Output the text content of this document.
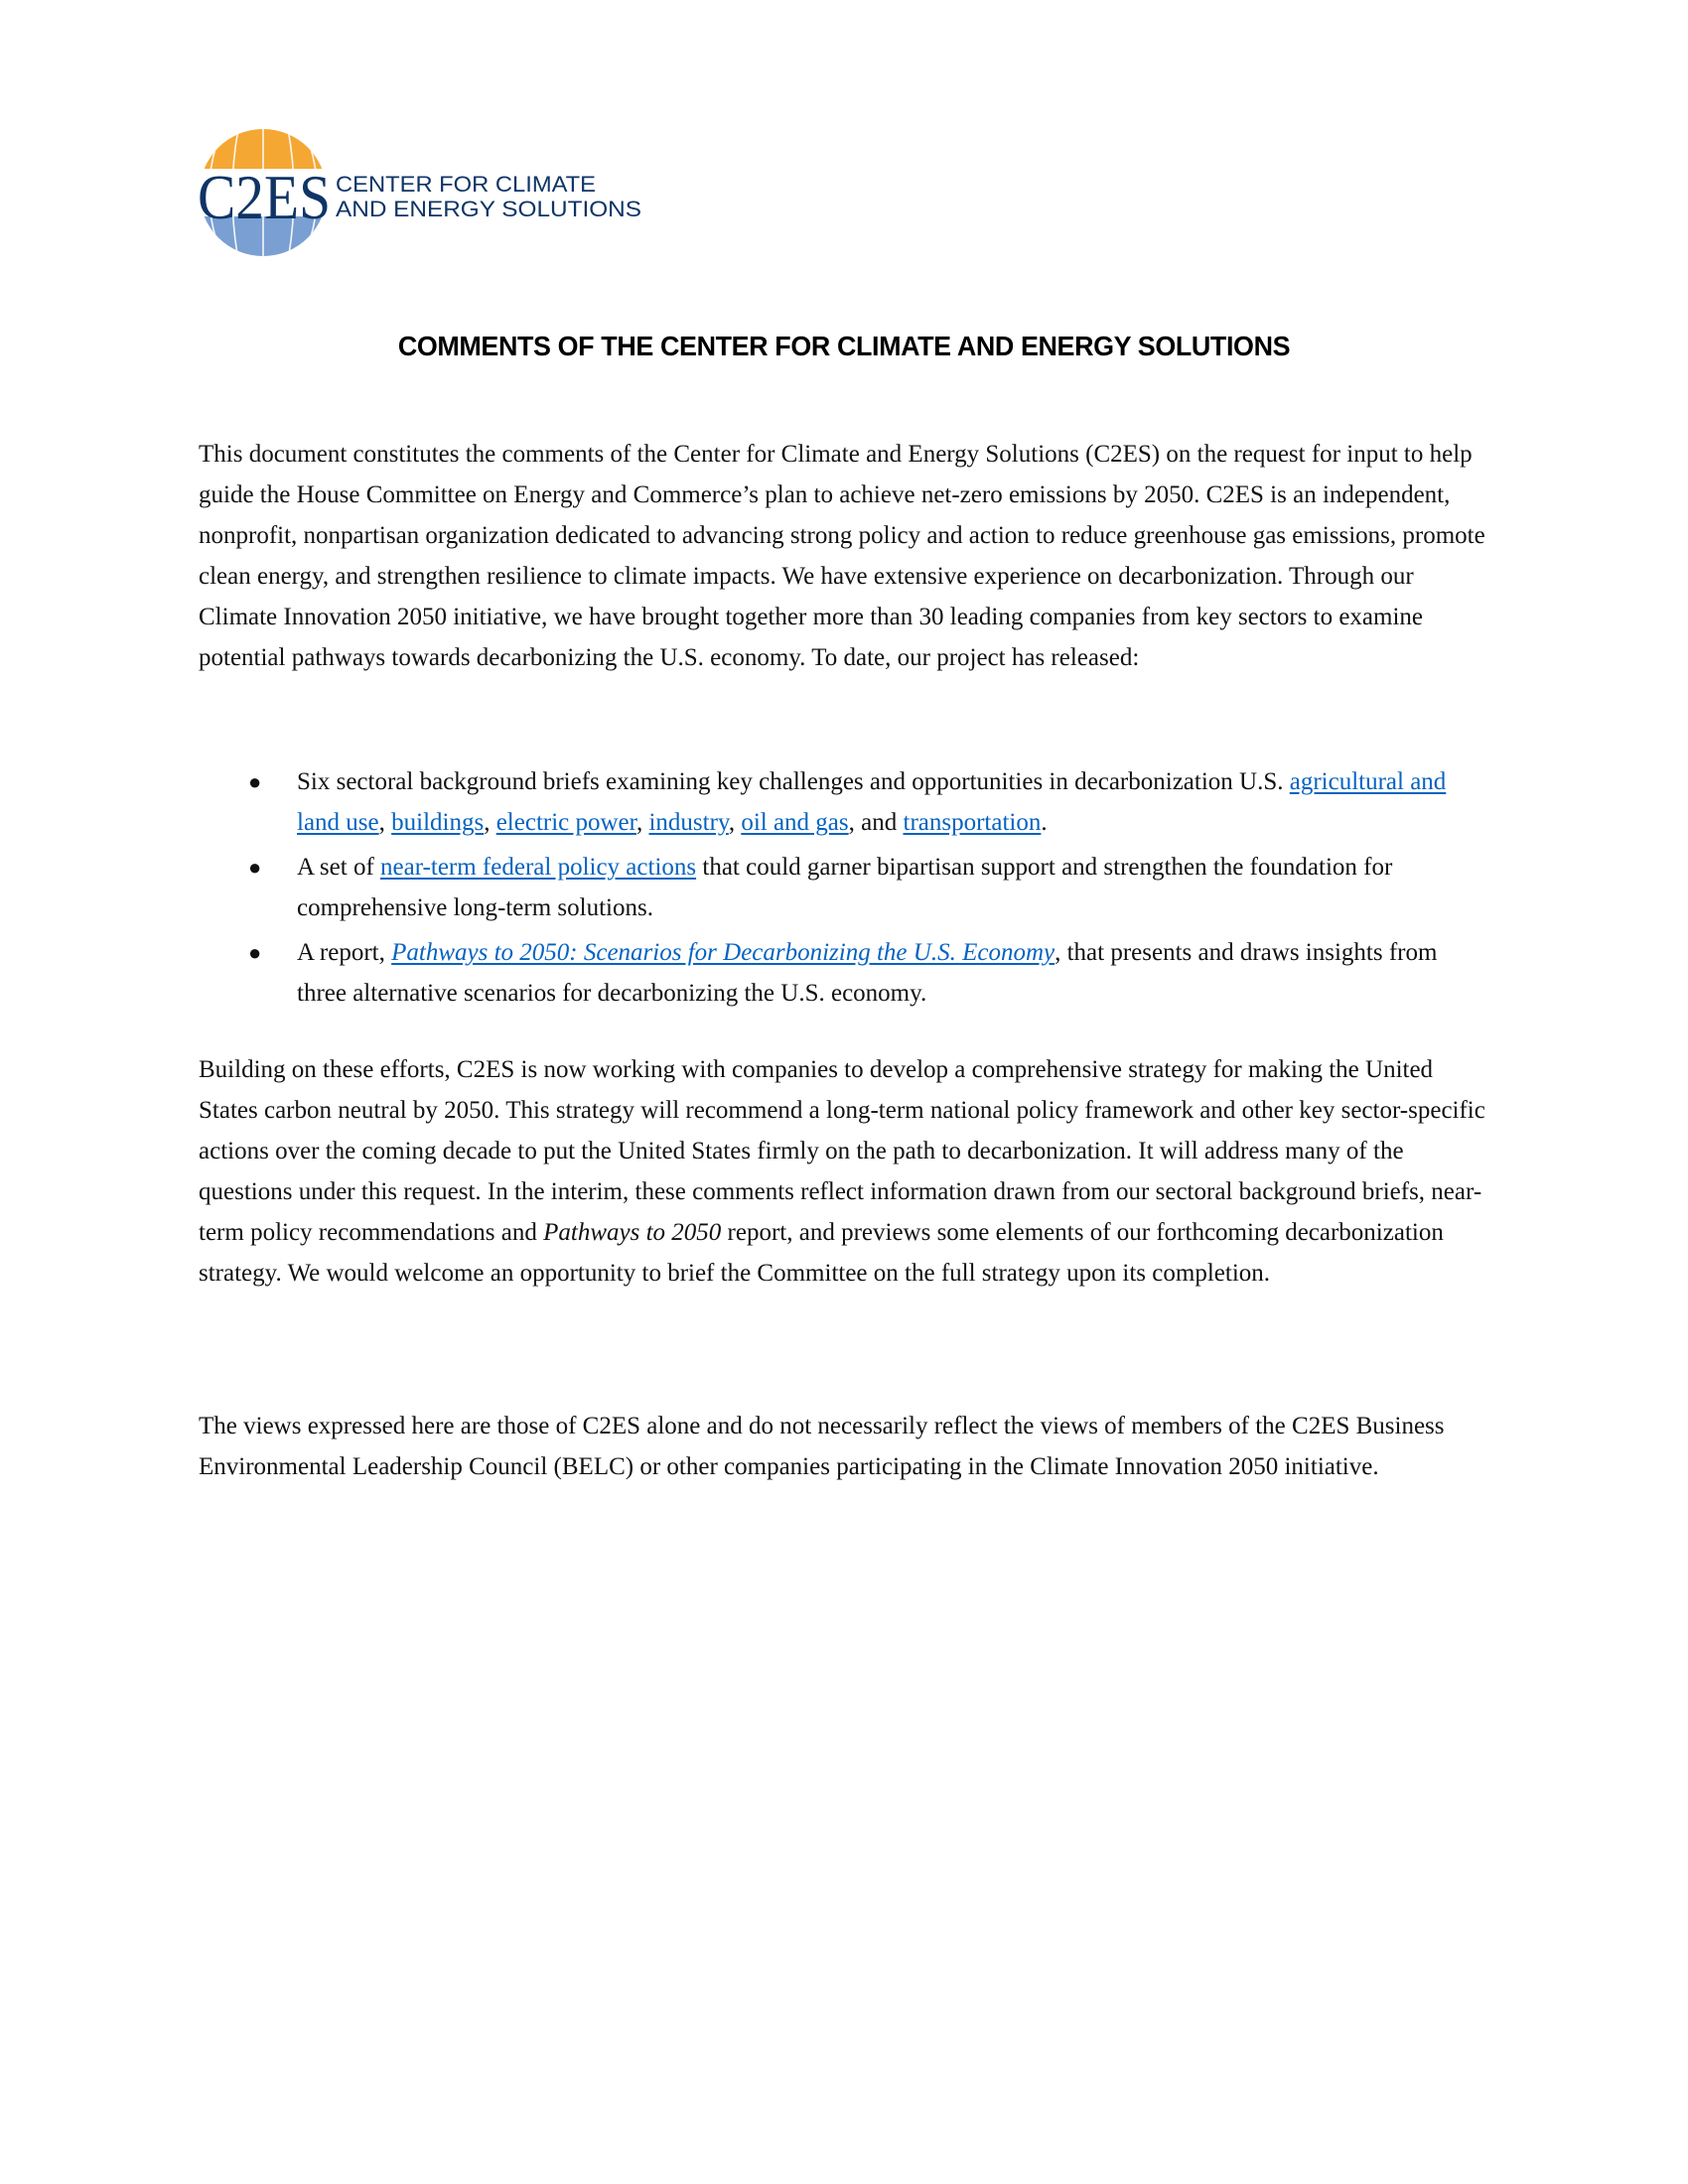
C2ES CENTER FOR CLIMATE
AND ENERGY SOLUTIONS
COMMENTS OF THE CENTER FOR CLIMATE AND ENERGY SOLUTIONS

This document constitutes the comments of the Center for Climate and Energy Solutions (C2ES) on the request for input to help guide the House Committee on Energy and Commerce’s plan to achieve net-zero emissions by 2050. C2ES is an independent, nonprofit, nonpartisan organization dedicated to advancing strong policy and action to reduce greenhouse gas emissions, promote clean energy, and strengthen resilience to climate impacts. We have extensive experience on decarbonization. Through our Climate Innovation 2050 initiative, we have brought together more than 30 leading companies from key sectors to examine potential pathways towards decarbonizing the U.S. economy. To date, our project has released:

● Six sectoral background briefs examining key challenges and opportunities in decarbonization U.S. agricultural and land use, buildings, electric power, industry, oil and gas, and transportation.
● A set of near-term federal policy actions that could garner bipartisan support and strengthen the foundation for comprehensive long-term solutions.
● A report, Pathways to 2050: Scenarios for Decarbonizing the U.S. Economy, that presents and draws insights from three alternative scenarios for decarbonizing the U.S. economy.

Building on these efforts, C2ES is now working with companies to develop a comprehensive strategy for making the United States carbon neutral by 2050. This strategy will recommend a long-term national policy framework and other key sector-specific actions over the coming decade to put the United States firmly on the path to decarbonization. It will address many of the questions under this request. In the interim, these comments reflect information drawn from our sectoral background briefs, near-term policy recommendations and Pathways to 2050 report, and previews some elements of our forthcoming decarbonization strategy. We would welcome an opportunity to brief the Committee on the full strategy upon its completion.

The views expressed here are those of C2ES alone and do not necessarily reflect the views of members of the C2ES Business Environmental Leadership Council (BELC) or other companies participating in the Climate Innovation 2050 initiative.
